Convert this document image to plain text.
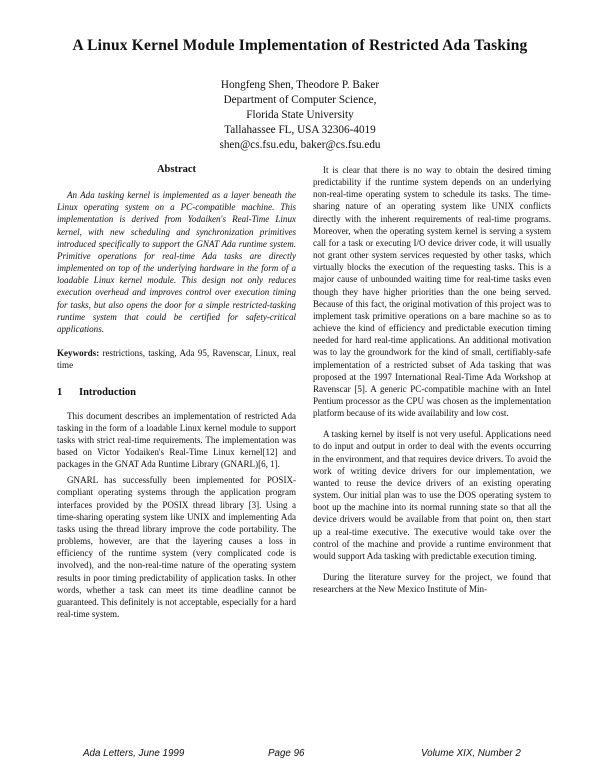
A Linux Kernel Module Implementation of Restricted Ada Tasking
Hongfeng Shen, Theodore P. Baker
Department of Computer Science,
Florida State University
Tallahassee FL, USA 32306-4019
shen@cs.fsu.edu, baker@cs.fsu.edu

Abstract

An Ada tasking kernel is implemented as a layer beneath the Linux operating system on a PC-compatible machine. This implementation is derived from Yodaiken's Real-Time Linux kernel, with new scheduling and synchronization primitives introduced specifically to support the GNAT Ada runtime system. Primitive operations for real-time Ada tasks are directly implemented on top of the underlying hardware in the form of a loadable Linux kernel module. This design not only reduces execution overhead and improves control over execution timing for tasks, but also opens the door for a simple restricted-tasking runtime system that could be certified for safety-critical applications.

Keywords: restrictions, tasking, Ada 95, Ravenscar, Linux, real time

1 Introduction

This document describes an implementation of restricted Ada tasking in the form of a loadable Linux kernel module to support tasks with strict real-time requirements. The implementation was based on Victor Yodaiken's Real-Time Linux kernel[12] and packages in the GNAT Ada Runtime Library (GNARL)[6, 1].

GNARL has successfully been implemented for POSIX-compliant operating systems through the application program interfaces provided by the POSIX thread library [3]. Using a time-sharing operating system like UNIX and implementing Ada tasks using the thread library improve the code portability. The problems, however, are that the layering causes a loss in efficiency of the runtime system (very complicated code is involved), and the non-real-time nature of the operating system results in poor timing predictability of application tasks. In other words, whether a task can meet its time deadline cannot be guaranteed. This definitely is not acceptable, especially for a hard real-time system.

It is clear that there is no way to obtain the desired timing predictability if the runtime system depends on an underlying non-real-time operating system to schedule its tasks. The time-sharing nature of an operating system like UNIX conflicts directly with the inherent requirements of real-time programs. Moreover, when the operating system kernel is serving a system call for a task or executing I/O device driver code, it will usually not grant other system services requested by other tasks, which virtually blocks the execution of the requesting tasks. This is a major cause of unbounded waiting time for real-time tasks even though they have higher priorities than the one being served. Because of this fact, the original motivation of this project was to implement task primitive operations on a bare machine so as to achieve the kind of efficiency and predictable execution timing needed for hard real-time applications. An additional motivation was to lay the groundwork for the kind of small, certifiably-safe implementation of a restricted subset of Ada tasking that was proposed at the 1997 International Real-Time Ada Workshop at Ravenscar [5]. A generic PC-compatible machine with an Intel Pentium processor as the CPU was chosen as the implementation platform because of its wide availability and low cost.

A tasking kernel by itself is not very useful. Applications need to do input and output in order to deal with the events occurring in the environment, and that requires device drivers. To avoid the work of writing device drivers for our implementation, we wanted to reuse the device drivers of an existing operating system. Our initial plan was to use the DOS operating system to boot up the machine into its normal running state so that all the device drivers would be available from that point on, then start up a real-time executive. The executive would take over the control of the machine and provide a runtime environment that would support Ada tasking with predictable execution timing.

During the literature survey for the project, we found that researchers at the New Mexico Institute of Min-

Ada Letters, June 1999	Page 96	Volume XIX, Number 2
